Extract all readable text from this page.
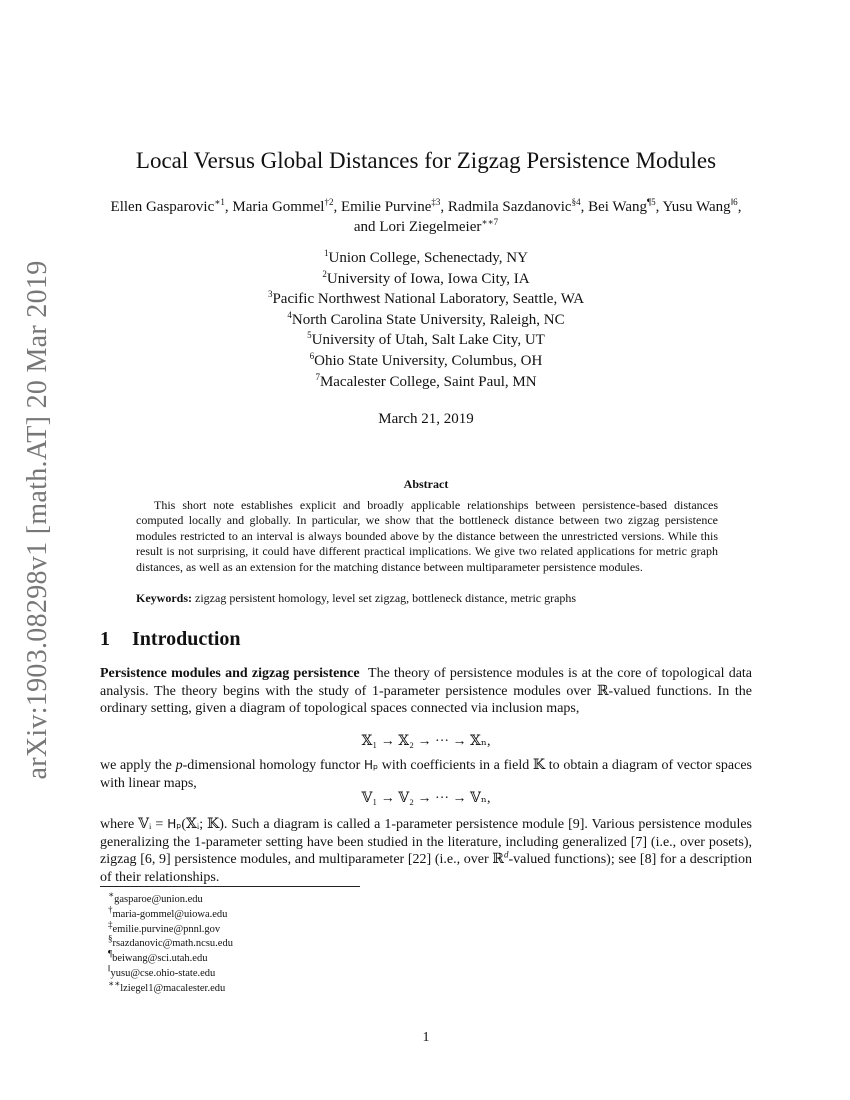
arXiv:1903.08298v1 [math.AT] 20 Mar 2019
Local Versus Global Distances for Zigzag Persistence Modules
Ellen Gasparovic$^{∗1}$, Maria Gommel$^{\dagger 2}$, Emilie Purvine$^{\ddagger 3}$, Radmila Sazdanovic$^{\S 4}$, Bei Wang$^{\P 5}$, Yusu Wang$^{‖6}$, and Lori Ziegelmeier$^{∗∗7}$
$^1$Union College, Schenectady, NY
$^2$University of Iowa, Iowa City, IA
$^3$Pacific Northwest National Laboratory, Seattle, WA
$^4$North Carolina State University, Raleigh, NC
$^5$University of Utah, Salt Lake City, UT
$^6$Ohio State University, Columbus, OH
$^7$Macalester College, Saint Paul, MN
March 21, 2019
Abstract

This short note establishes explicit and broadly applicable relationships between persistence-based distances computed locally and globally. In particular, we show that the bottleneck distance between two zigzag persistence modules restricted to an interval is always bounded above by the distance between the unrestricted versions. While this result is not surprising, it could have different practical implications. We give two related applications for metric graph distances, as well as an extension for the matching distance between multiparameter persistence modules.

Keywords: zigzag persistent homology, level set zigzag, bottleneck distance, metric graphs
1 Introduction

Persistence modules and zigzag persistence The theory of persistence modules is at the core of topological data analysis. The theory begins with the study of 1-parameter persistence modules over ℝ-valued functions. In the ordinary setting, given a diagram of topological spaces connected via inclusion maps,

𝕏₁ → 𝕏₂ → ··· → 𝕏ₙ,

we apply the p-dimensional homology functor Hₚ with coefficients in a field 𝕂 to obtain a diagram of vector spaces with linear maps,

𝕍₁ → 𝕍₂ → ··· → 𝕍ₙ,

where 𝕍ᵢ = Hₚ(𝕏ᵢ; 𝕂). Such a diagram is called a 1-parameter persistence module [9]. Various persistence modules generalizing the 1-parameter setting have been studied in the literature, including generalized [7] (i.e., over posets), zigzag [6, 9] persistence modules, and multiparameter [22] (i.e., over ℝ$^d$-valued functions); see [8] for a description of their relationships.

∗gasparoe@union.edu
†maria-gommel@uiowa.edu
‡emilie.purvine@pnnl.gov
§rsazdanovic@math.ncsu.edu
¶beiwang@sci.utah.edu
‖yusu@cse.ohio-state.edu
∗∗lziegel1@macalester.edu
1
